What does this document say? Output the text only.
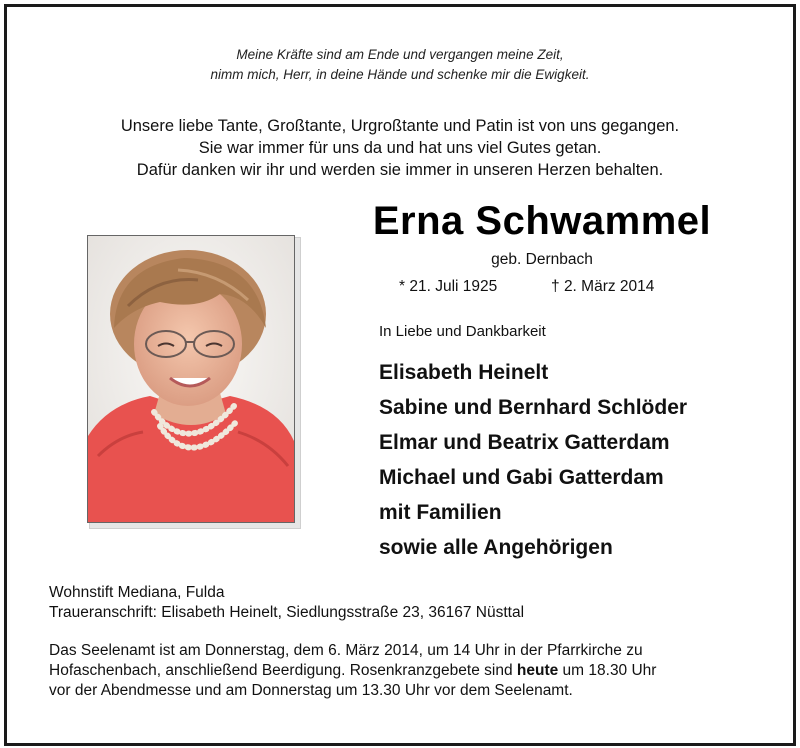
Meine Kräfte sind am Ende und vergangen meine Zeit,
nimm mich, Herr, in deine Hände und schenke mir die Ewigkeit.
Unsere liebe Tante, Großtante, Urgroßtante und Patin ist von uns gegangen.
Sie war immer für uns da und hat uns viel Gutes getan.
Dafür danken wir ihr und werden sie immer in unseren Herzen behalten.
Erna Schwammel
geb. Dernbach
* 21. Juli 1925	† 2. März 2014
In Liebe und Dankbarkeit
Elisabeth Heinelt
Sabine und Bernhard Schlöder
Elmar und Beatrix Gatterdam
Michael und Gabi Gatterdam
mit Familien
sowie alle Angehörigen
Wohnstift Mediana, Fulda
Traueranschrift: Elisabeth Heinelt, Siedlungsstraße 23, 36167 Nüsttal
Das Seelenamt ist am Donnerstag, dem 6. März 2014, um 14 Uhr in der Pfarrkirche zu
Hofaschenbach, anschließend Beerdigung. Rosenkranzgebete sind heute um 18.30 Uhr
vor der Abendmesse und am Donnerstag um 13.30 Uhr vor dem Seelenamt.
